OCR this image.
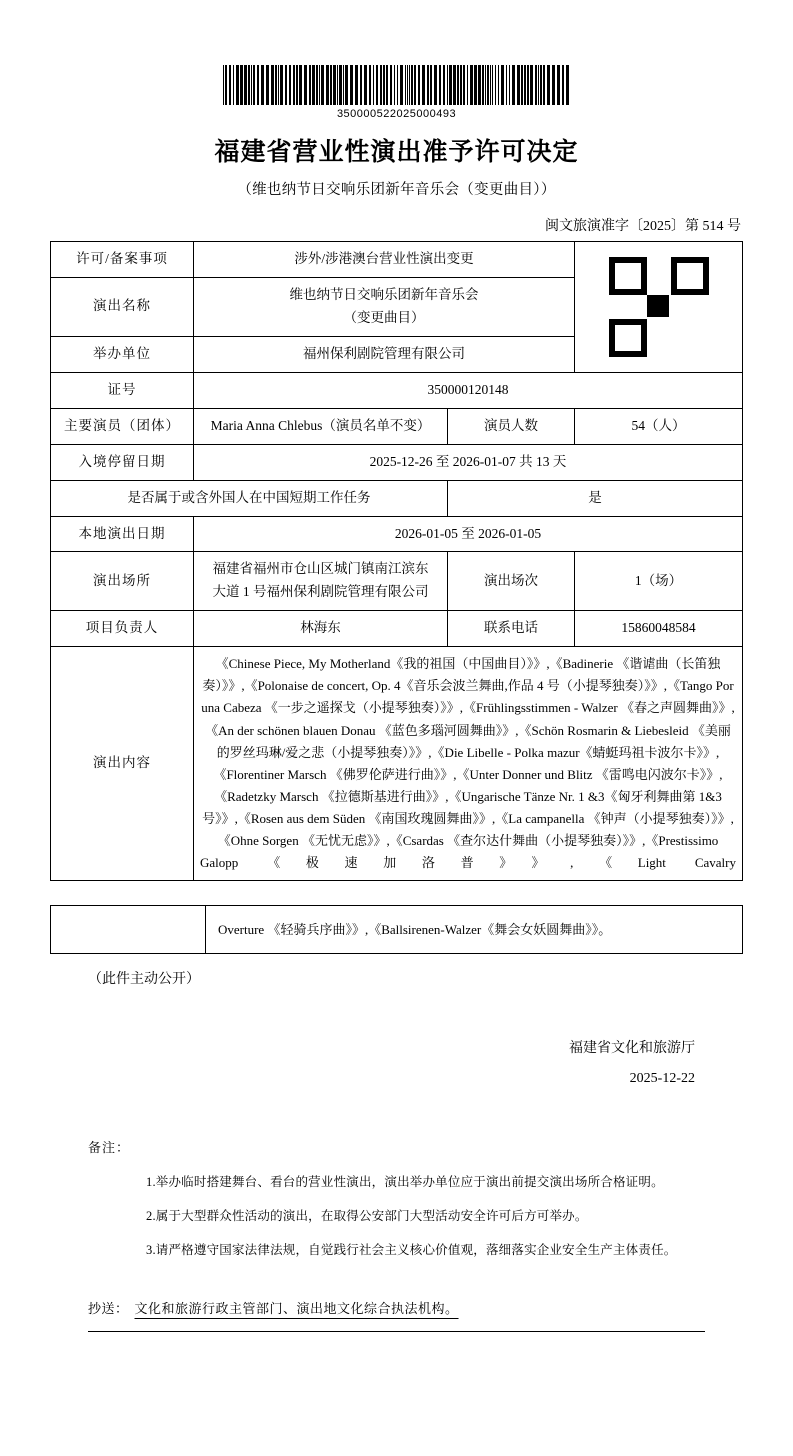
350000522025000493
福建省营业性演出准予许可决定
（维也纳节日交响乐团新年音乐会（变更曲目））
闽文旅演准字〔2025〕第 514 号
许可/备案事项	涉外/涉港澳台营业性演出变更		

演出名称	维也纳节日交响乐团新年音乐会
（变更曲目）		

举办单位	福州保利剧院管理有限公司		
证号	350000120148		
主要演员（团体）	Maria Anna Chlebus（演员名单不变）	演员人数	54（人）
入境停留日期	2025-12-26 至 2026-01-07 共 13 天		
是否属于或含外国人在中国短期工作任务		是	
本地演出日期	2026-01-05 至 2026-01-05		
演出场所	福建省福州市仓山区城门镇南江滨东
大道 1 号福州保利剧院管理有限公司	演出场次	1（场）
项目负责人	林海东	联系电话	15860048584
演出内容	《Chinese Piece, My Motherland《我的祖国（中国曲目）》》,《Badinerie 《谐谑曲（长笛独奏）》》,《Polonaise de concert, Op. 4《音乐会波兰舞曲,作品 4 号（小提琴独奏）》》,《Tango Por una Cabeza 《一步之遥探戈（小提琴独奏）》》,《Frühlingsstimmen - Walzer 《春之声圆舞曲》》,《An der schönen blauen Donau 《蓝色多瑙河圆舞曲》》,《Schön Rosmarin & Liebesleid 《美丽的罗丝玛琳/爱之悲（小提琴独奏）》》,《Die Libelle - Polka mazur《蜻蜓玛祖卡波尔卡》》,《Florentiner Marsch 《佛罗伦萨进行曲》》,《Unter Donner und Blitz 《雷鸣电闪波尔卡》》,《Radetzky Marsch 《拉德斯基进行曲》》,《Ungarische Tänze Nr. 1 &3《匈牙利舞曲第 1&3 号》》,《Rosen aus dem Süden 《南国玫瑰圆舞曲》》,《La campanella 《钟声（小提琴独奏）》》,《Ohne Sorgen 《无忧无虑》》,《Csardas 《查尔达什舞曲（小提琴独奏）》》,《Prestissimo Galopp 《极速加洛普》》,《Light Cavalry		
	Overture 《轻骑兵序曲》》,《Ballsirenen-Walzer《舞会女妖圆舞曲》》。
（此件主动公开）
福建省文化和旅游厅
2025-12-22
备注：
1.举办临时搭建舞台、看台的营业性演出，演出举办单位应于演出前提交演出场所合格证明。
2.属于大型群众性活动的演出，在取得公安部门大型活动安全许可后方可举办。
3.请严格遵守国家法律法规，自觉践行社会主义核心价值观，落细落实企业安全生产主体责任。
抄送： 文化和旅游行政主管部门、演出地文化综合执法机构。
